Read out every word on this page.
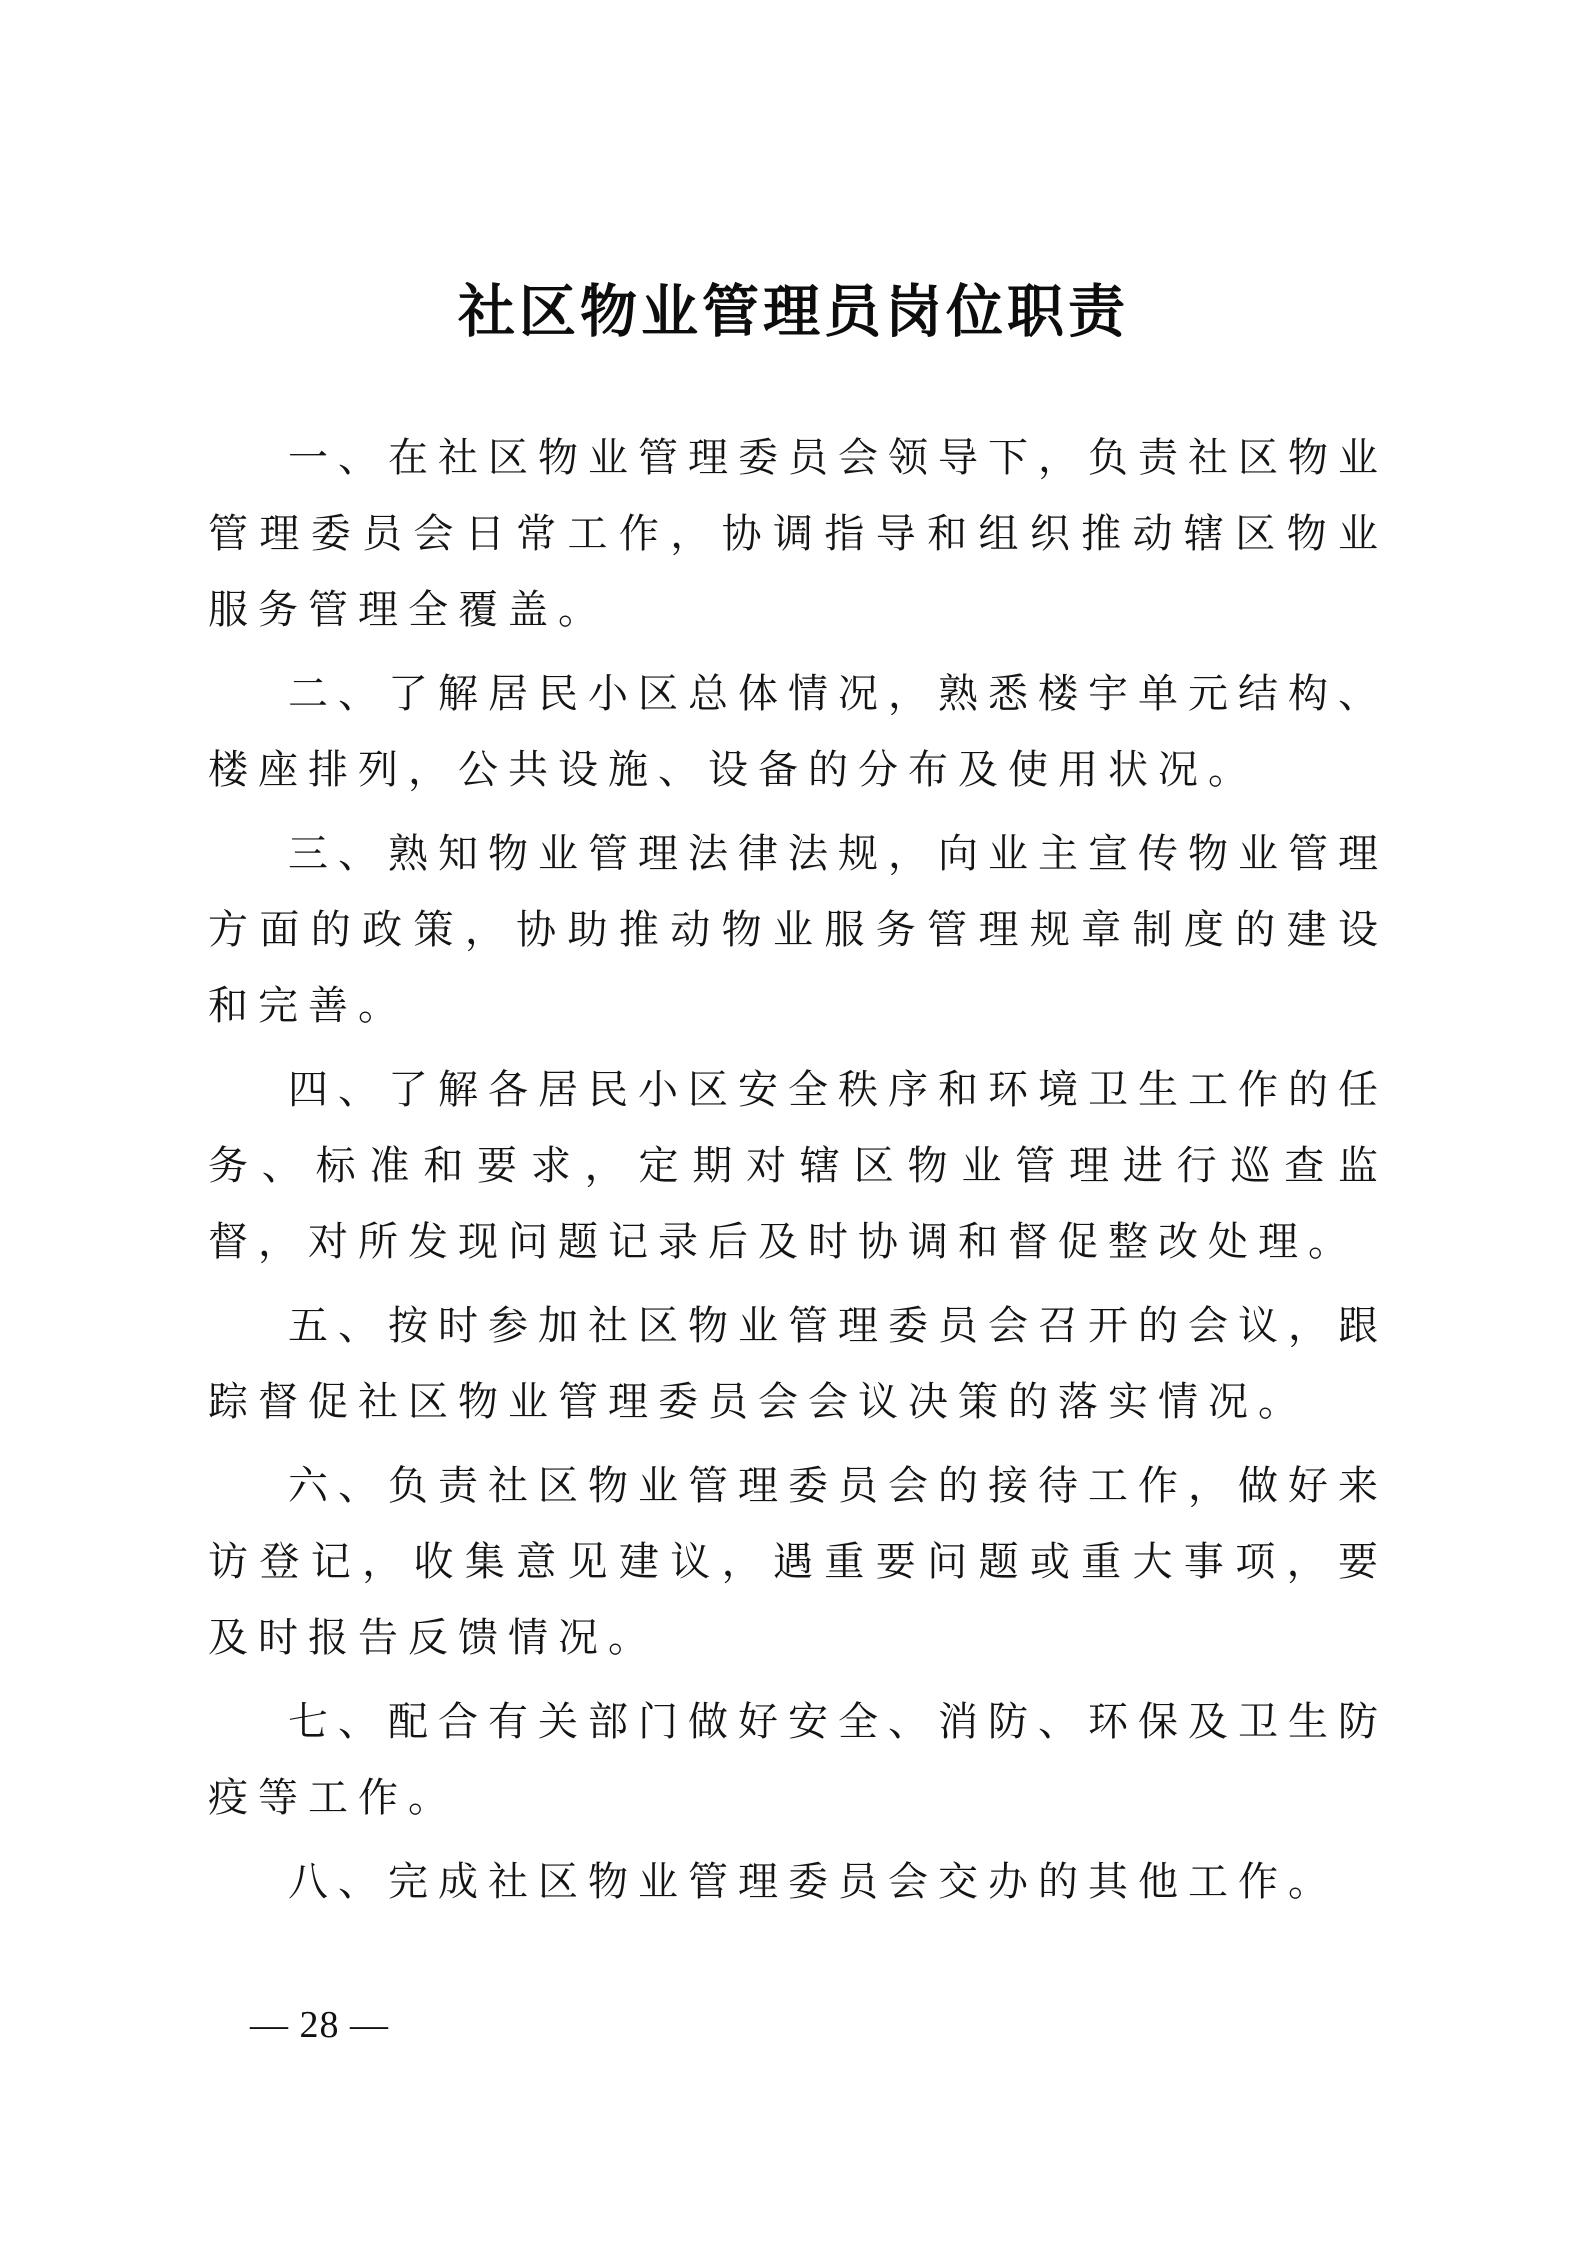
社区物业管理员岗位职责

一、在社区物业管理委员会领导下，负责社区物业管理委员会日常工作，协调指导和组织推动辖区物业服务管理全覆盖。

二、了解居民小区总体情况，熟悉楼宇单元结构、楼座排列，公共设施、设备的分布及使用状况。

三、熟知物业管理法律法规，向业主宣传物业管理方面的政策，协助推动物业服务管理规章制度的建设和完善。

四、了解各居民小区安全秩序和环境卫生工作的任务、标准和要求，定期对辖区物业管理进行巡查监督，对所发现问题记录后及时协调和督促整改处理。

五、按时参加社区物业管理委员会召开的会议，跟踪督促社区物业管理委员会会议决策的落实情况。

六、负责社区物业管理委员会的接待工作，做好来访登记，收集意见建议，遇重要问题或重大事项，要及时报告反馈情况。

七、配合有关部门做好安全、消防、环保及卫生防疫等工作。

八、完成社区物业管理委员会交办的其他工作。

— 28 —
